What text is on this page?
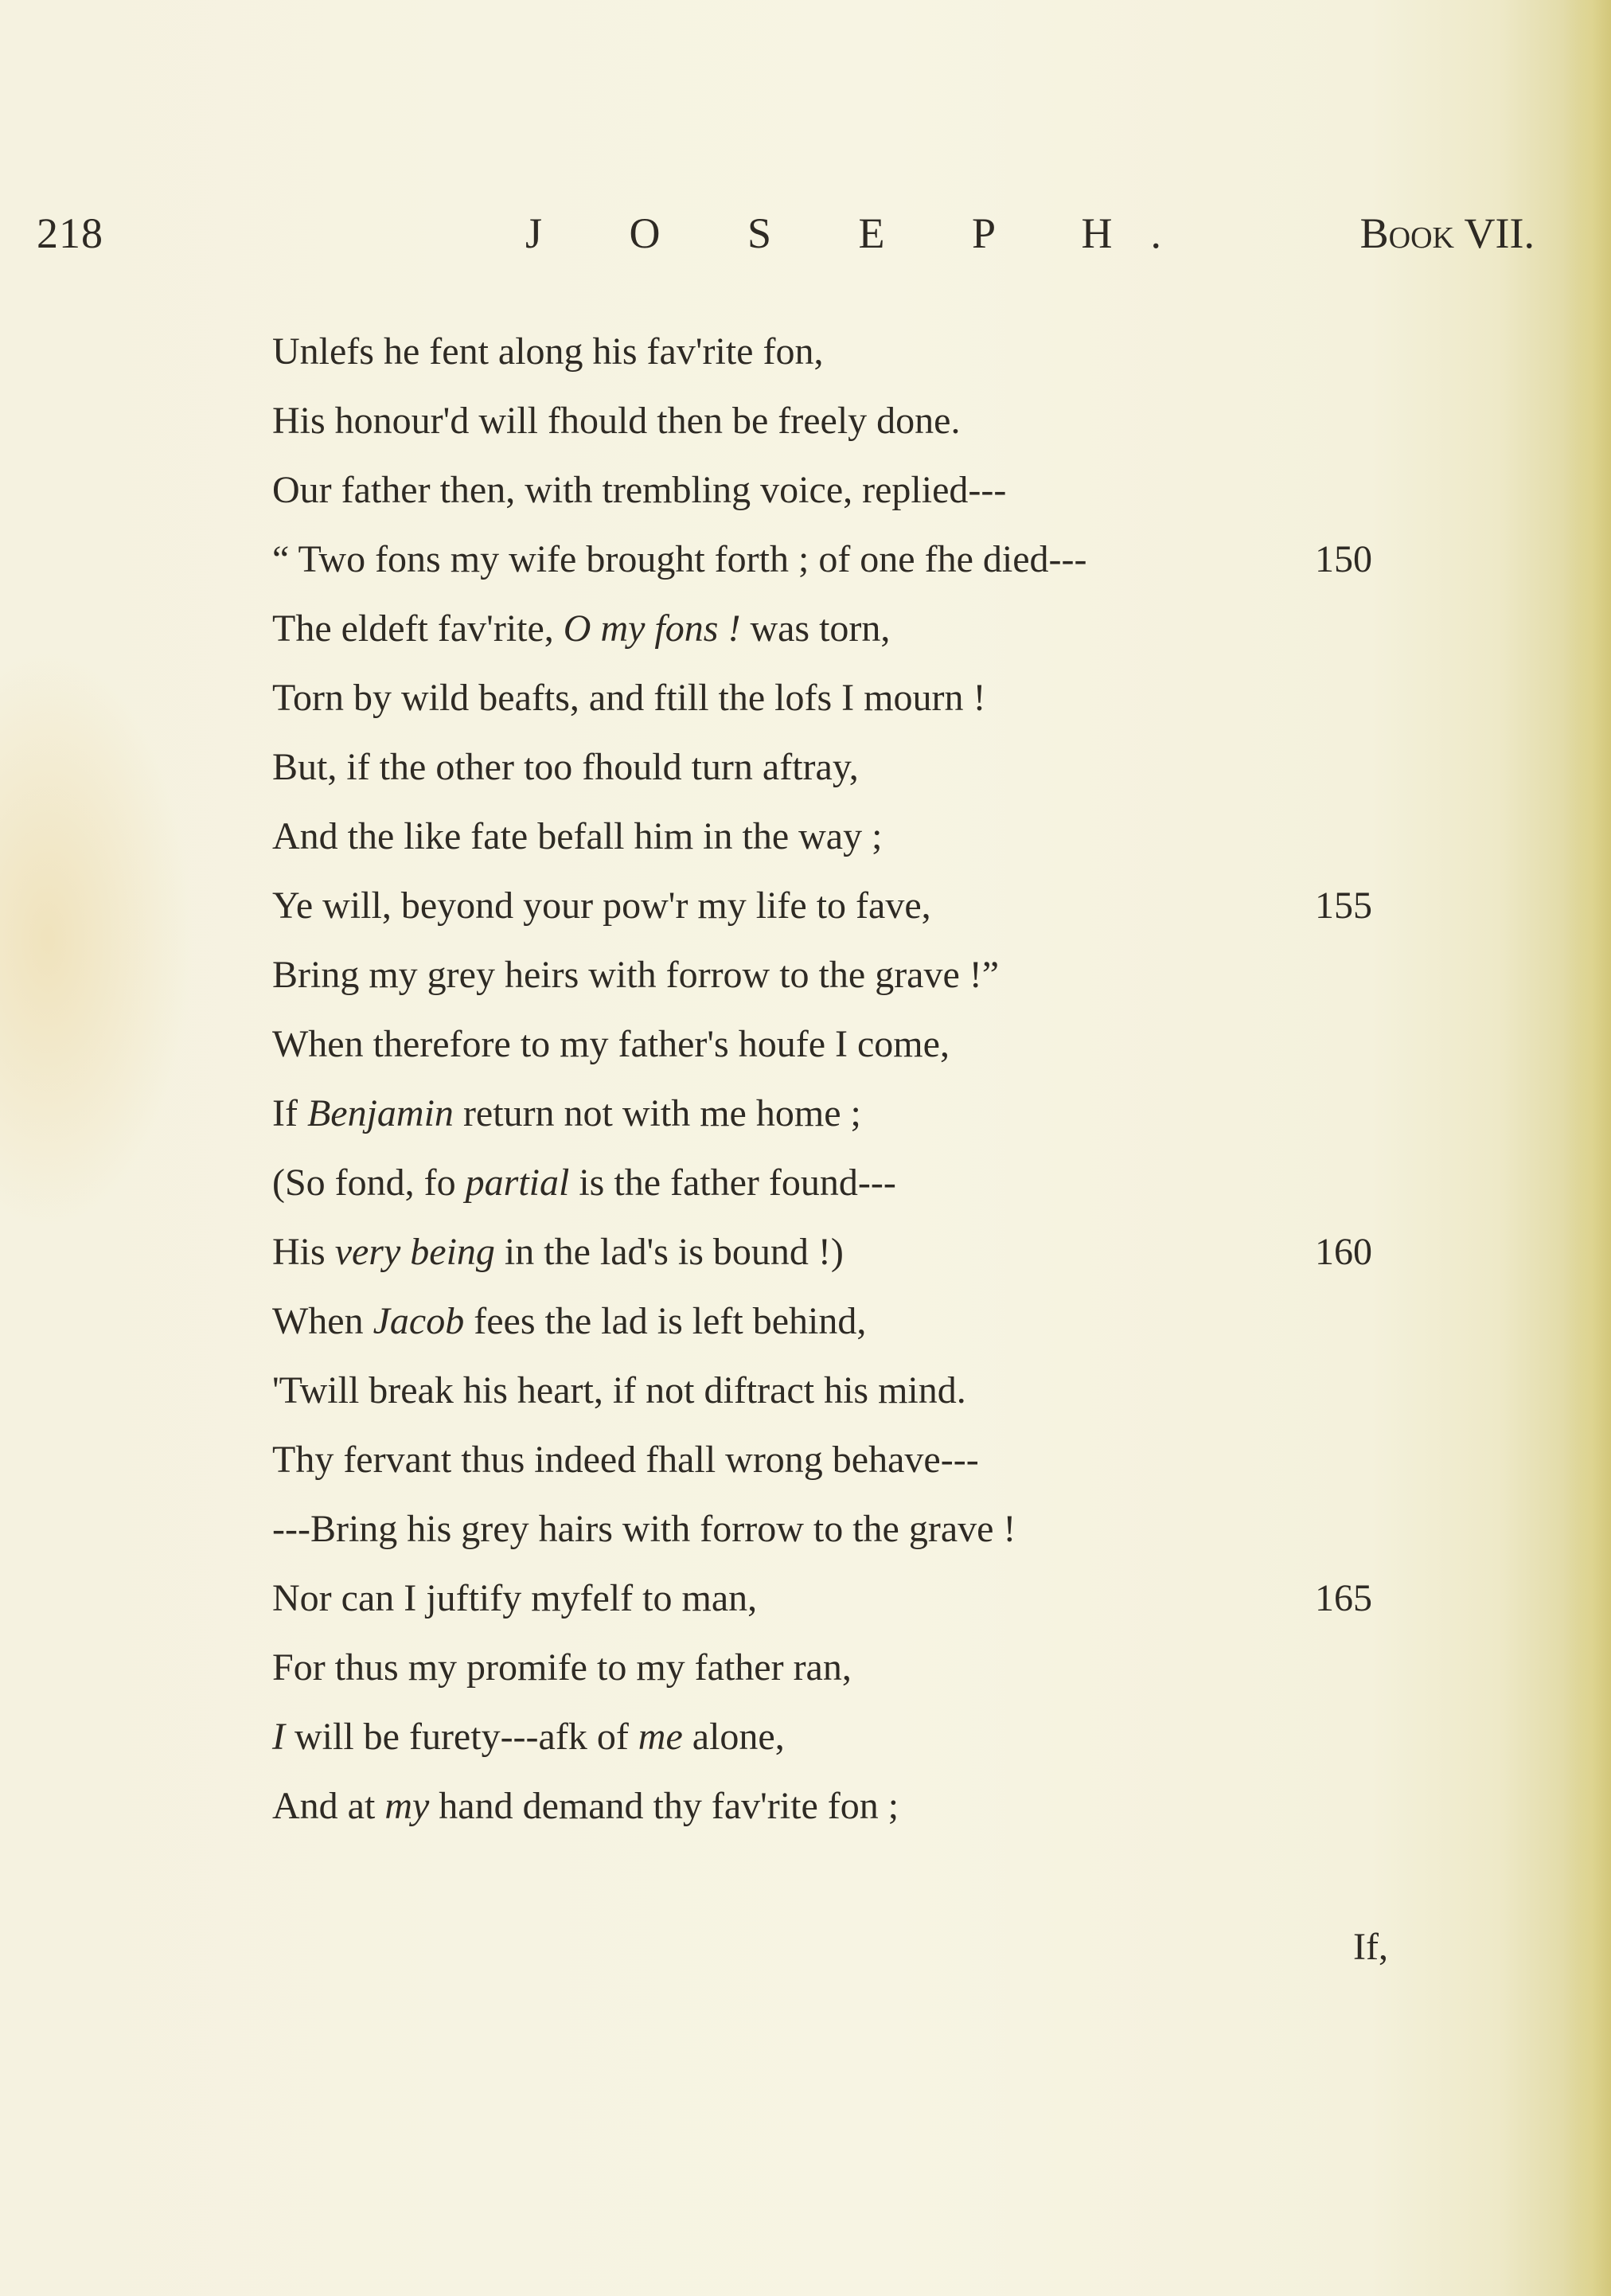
218	J O S E P H.	Book VII.
Unlefs he fent along his fav'rite fon,
His honour'd will fhould then be freely done.
Our father then, with trembling voice, replied---
“ Two fons my wife brought forth ; of one fhe died---	150
The eldeft fav'rite, O my fons ! was torn,
Torn by wild beafts, and ftill the lofs I mourn !
But, if the other too fhould turn aftray,
And the like fate befall him in the way ;
Ye will, beyond your pow'r my life to fave,	155
Bring my grey heirs with forrow to the grave !”
When therefore to my father's houfe I come,
If Benjamin return not with me home ;
(So fond, fo partial is the father found---
His very being in the lad's is bound !)	160
When Jacob fees the lad is left behind,
'Twill break his heart, if not diftract his mind.
Thy fervant thus indeed fhall wrong behave---
---Bring his grey hairs with forrow to the grave !
Nor can I juftify myfelf to man,	165
For thus my promife to my father ran,
I will be furety---afk of me alone,
And at my hand demand thy fav'rite fon ;
If,
